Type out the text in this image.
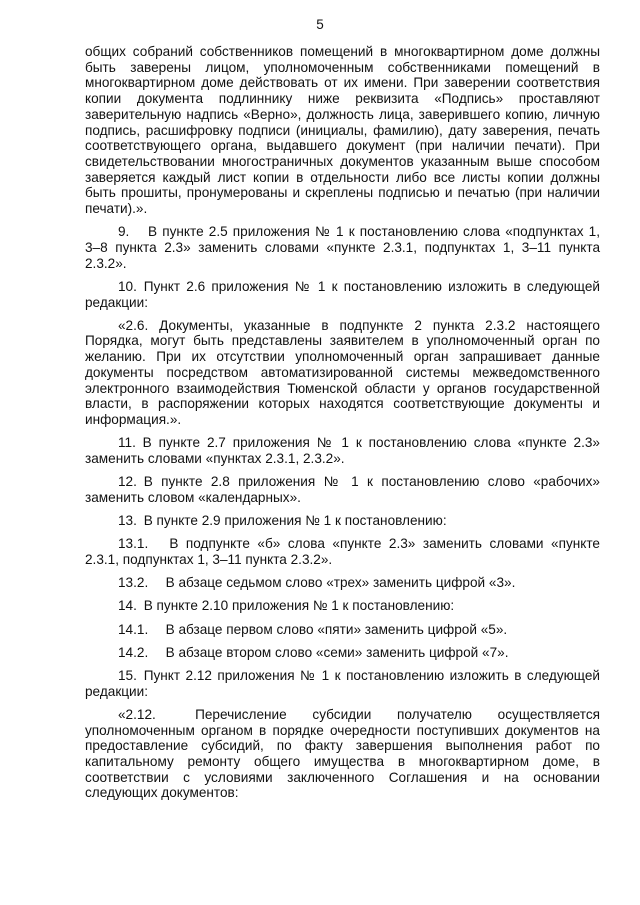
5

общих собраний собственников помещений в многоквартирном доме должны быть заверены лицом, уполномоченным собственниками помещений в многоквартирном доме действовать от их имени. При заверении соответствия копии документа подлиннику ниже реквизита «Подпись» проставляют заверительную надпись «Верно», должность лица, заверившего копию, личную подпись, расшифровку подписи (инициалы, фамилию), дату заверения, печать соответствующего органа, выдавшего документ (при наличии печати). При свидетельствовании многостраничных документов указанным выше способом заверяется каждый лист копии в отдельности либо все листы копии должны быть прошиты, пронумерованы и скреплены подписью и печатью (при наличии печати).».

9.  В пункте 2.5 приложения № 1 к постановлению слова «подпунктах 1, 3–8 пункта 2.3» заменить словами «пункте 2.3.1, подпунктах 1, 3–11 пункта 2.3.2».

10. Пункт 2.6 приложения № 1 к постановлению изложить в следующей редакции:

«2.6. Документы, указанные в подпункте 2 пункта 2.3.2 настоящего Порядка, могут быть представлены заявителем в уполномоченный орган по желанию. При их отсутствии уполномоченный орган запрашивает данные документы посредством автоматизированной системы межведомственного электронного взаимодействия Тюменской области у органов государственной власти, в распоряжении которых находятся соответствующие документы и информация.».

11. В пункте 2.7 приложения № 1 к постановлению слова «пункте 2.3» заменить словами «пунктах 2.3.1, 2.3.2».

12. В пункте 2.8 приложения № 1 к постановлению слово «рабочих» заменить словом «календарных».

13. В пункте 2.9 приложения № 1 к постановлению:

13.1.  В подпункте «б» слова «пункте 2.3» заменить словами «пункте 2.3.1, подпунктах 1, 3–11 пункта 2.3.2».

13.2.  В абзаце седьмом слово «трех» заменить цифрой «3».

14. В пункте 2.10 приложения № 1 к постановлению:

14.1.  В абзаце первом слово «пяти» заменить цифрой «5».

14.2.  В абзаце втором слово «семи» заменить цифрой «7».

15. Пункт 2.12 приложения № 1 к постановлению изложить в следующей редакции:

«2.12.  Перечисление субсидии получателю осуществляется уполномоченным органом в порядке очередности поступивших документов на предоставление субсидий, по факту завершения выполнения работ по капитальному ремонту общего имущества в многоквартирном доме, в соответствии с условиями заключенного Соглашения и на основании следующих документов:
